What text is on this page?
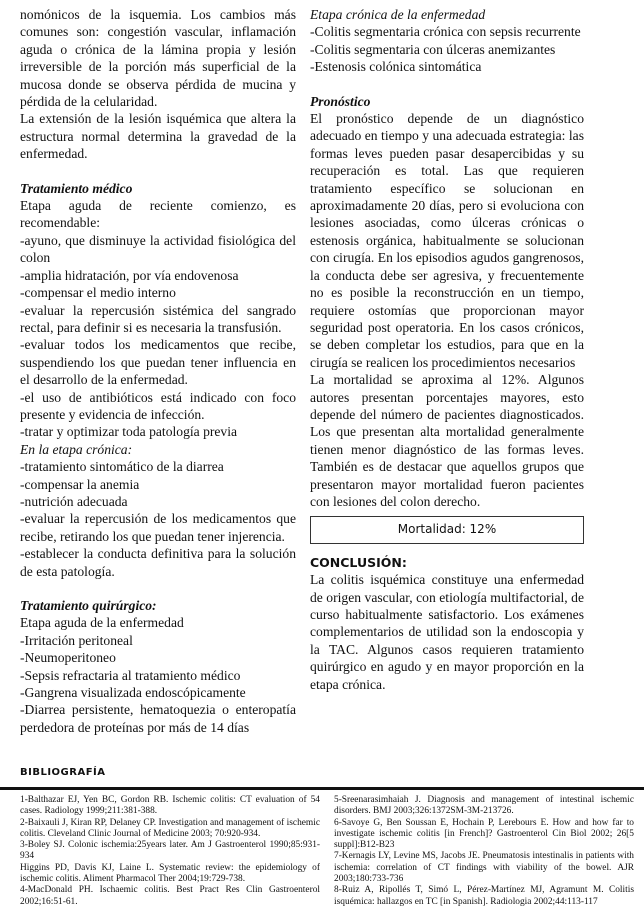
nomónicos de la isquemia. Los cambios más comunes son: congestión vascular, inflamación aguda o crónica de la lámina propia y lesión irreversible de la porción más superficial de la mucosa donde se observa pérdida de mucina y pérdida de la celularidad.

La extensión de la lesión isquémica que altera la estructura normal determina la gravedad de la enfermedad.

Tratamiento médico

Etapa aguda de reciente comienzo, es recomendable:

-ayuno, que disminuye la actividad fisiológica del colon

-amplia hidratación, por vía endovenosa

-compensar el medio interno

-evaluar la repercusión sistémica del sangrado rectal, para definir si es necesaria la transfusión.

-evaluar todos los medicamentos que recibe, suspendiendo los que puedan tener influencia en el desarrollo de la enfermedad.

-el uso de antibióticos está indicado con foco presente y evidencia de infección.

-tratar y optimizar toda patología previa

En la etapa crónica:

-tratamiento sintomático de la diarrea

-compensar la anemia

-nutrición adecuada

-evaluar la repercusión de los medicamentos que recibe, retirando los que puedan tener injerencia.

-establecer la conducta definitiva para la solución de esta patología.

Tratamiento quirúrgico:

Etapa aguda de la enfermedad

-Irritación peritoneal

-Neumoperitoneo

-Sepsis refractaria al tratamiento médico

-Gangrena visualizada endoscópicamente

-Diarrea persistente, hematoquezia o enteropatía perdedora de proteínas por más de 14 días

Etapa crónica de la enfermedad

-Colitis segmentaria crónica con sepsis recurrente

-Colitis segmentaria con úlceras anemizantes

-Estenosis colónica sintomática

Pronóstico

El pronóstico depende de un diagnóstico adecuado en tiempo y una adecuada estrategia: las formas leves pueden pasar desapercibidas y su recuperación es total. Las que requieren tratamiento específico se solucionan en aproximadamente 20 días, pero si evoluciona con lesiones asociadas, como úlceras crónicas o estenosis orgánica, habitualmente se solucionan con cirugía. En los episodios agudos gangrenosos, la conducta debe ser agresiva, y frecuentemente no es posible la reconstrucción en un tiempo, requiere ostomías que proporcionan mayor seguridad post operatoria. En los casos crónicos, se deben completar los estudios, para que en la cirugía se realicen los procedimientos necesarios

La mortalidad se aproxima al 12%. Algunos autores presentan porcentajes mayores, esto depende del número de pacientes diagnosticados. Los que presentan alta mortalidad generalmente tienen menor diagnóstico de las formas leves. También es de destacar que aquellos grupos que presentaron mayor mortalidad fueron pacientes con lesiones del colon derecho.

Mortalidad: 12%

CONCLUSIÓN:

La colitis isquémica constituye una enfermedad de origen vascular, con etiología multifactorial, de curso habitualmente satisfactorio. Los exámenes complementarios de utilidad son la endoscopia y la TAC. Algunos casos requieren tratamiento quirúrgico en agudo y en mayor proporción en la etapa crónica.

BIBLIOGRAFÍA

1-Balthazar EJ, Yen BC, Gordon RB. Ischemic colitis: CT evaluation of 54 cases. Radiology 1999;211:381-388.

2-Baixauli J, Kiran RP, Delaney CP. Investigation and management of ischemic colitis. Cleveland Clinic Journal of Medicine 2003; 70:920-934.

3-Boley SJ. Colonic ischemia:25years later. Am J Gastroenterol 1990;85:931-934

Higgins PD, Davis KJ, Laine L. Systematic review: the epidemiology of ischemic colitis. Aliment Pharmacol Ther 2004;19:729-738.

4-MacDonald PH. Ischaemic colitis. Best Pract Res Clin Gastroenterol 2002;16:51-61.

5-Sreenarasimhaiah J. Diagnosis and management of intestinal ischemic disorders. BMJ 2003;326:1372SM-3M-213726.

6-Savoye G, Ben Soussan E, Hochain P, Lerebours E. How and how far to investigate ischemic colitis [in French]? Gastroenterol Cin Biol 2002; 26[5 suppl]:B12-B23

7-Kernagis LY, Levine MS, Jacobs JE. Pneumatosis intestinalis in patients with ischemia: correlation of CT findings with viability of the bowel. AJR 2003;180:733-736

8-Ruiz A, Ripollés T, Simó L, Pérez-Martínez MJ, Agramunt M. Colitis isquémica: hallazgos en TC [in Spanish]. Radiologia 2002;44:113-117
